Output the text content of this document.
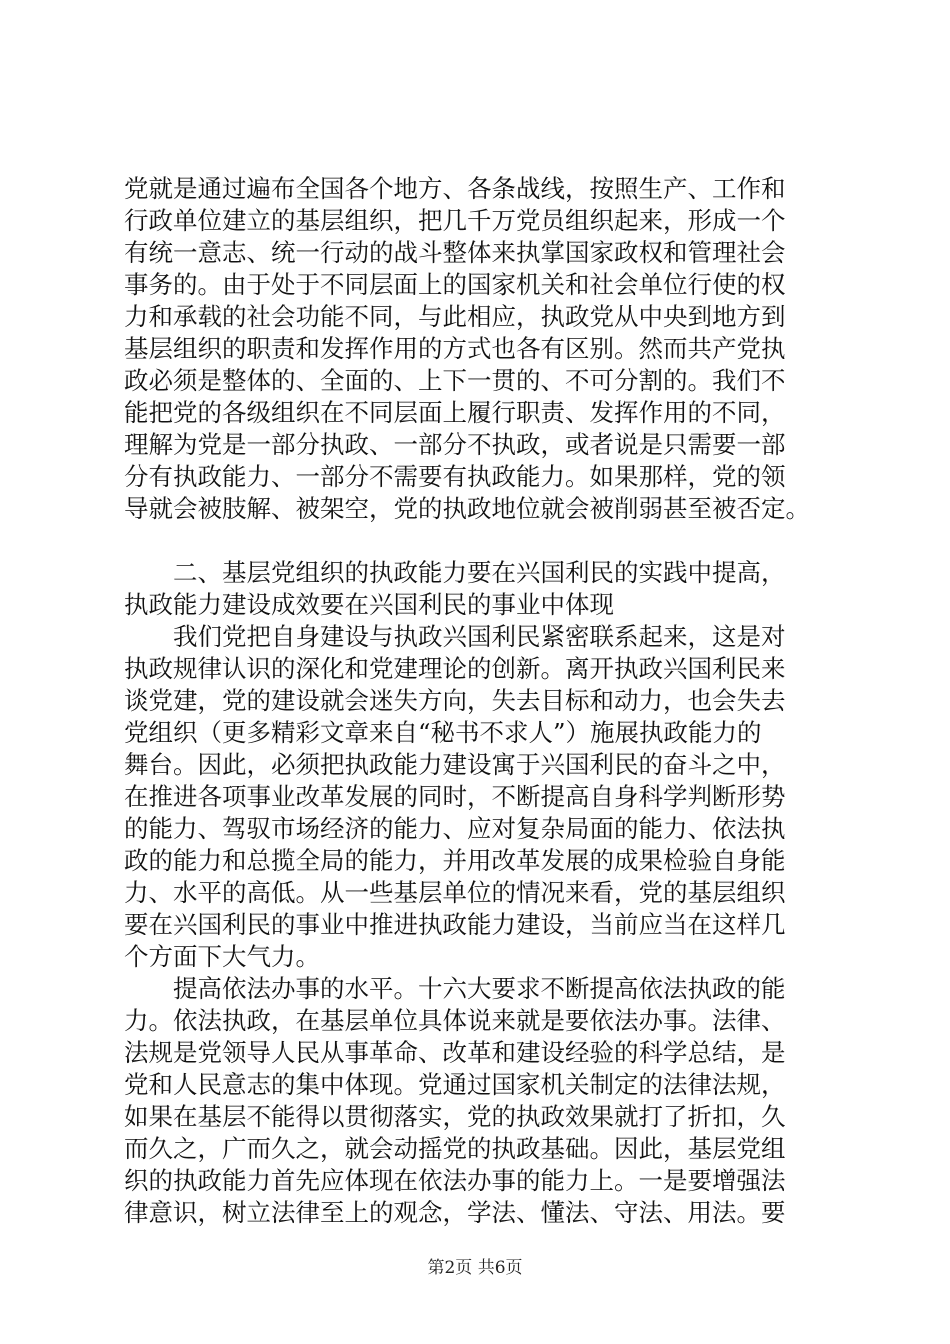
党就是通过遍布全国各个地方、各条战线，按照生产、工作和
行政单位建立的基层组织，把几千万党员组织起来，形成一个
有统一意志、统一行动的战斗整体来执掌国家政权和管理社会
事务的。由于处于不同层面上的国家机关和社会单位行使的权
力和承载的社会功能不同，与此相应，执政党从中央到地方到
基层组织的职责和发挥作用的方式也各有区别。然而共产党执
政必须是整体的、全面的、上下一贯的、不可分割的。我们不
能把党的各级组织在不同层面上履行职责、发挥作用的不同，
理解为党是一部分执政、一部分不执政，或者说是只需要一部
分有执政能力、一部分不需要有执政能力。如果那样，党的领
导就会被肢解、被架空，党的执政地位就会被削弱甚至被否定。
　　二、基层党组织的执政能力要在兴国利民的实践中提高，
执政能力建设成效要在兴国利民的事业中体现
　　我们党把自身建设与执政兴国利民紧密联系起来，这是对
执政规律认识的深化和党建理论的创新。离开执政兴国利民来
谈党建，党的建设就会迷失方向，失去目标和动力，也会失去
党组织（更多精彩文章来自“秘书不求人”）施展执政能力的
舞台。因此，必须把执政能力建设寓于兴国利民的奋斗之中，
在推进各项事业改革发展的同时，不断提高自身科学判断形势
的能力、驾驭市场经济的能力、应对复杂局面的能力、依法执
政的能力和总揽全局的能力，并用改革发展的成果检验自身能
力、水平的高低。从一些基层单位的情况来看，党的基层组织
要在兴国利民的事业中推进执政能力建设，当前应当在这样几
个方面下大气力。
　　提高依法办事的水平。十六大要求不断提高依法执政的能
力。依法执政，在基层单位具体说来就是要依法办事。法律、
法规是党领导人民从事革命、改革和建设经验的科学总结，是
党和人民意志的集中体现。党通过国家机关制定的法律法规，
如果在基层不能得以贯彻落实，党的执政效果就打了折扣，久
而久之，广而久之，就会动摇党的执政基础。因此，基层党组
织的执政能力首先应体现在依法办事的能力上。一是要增强法
律意识，树立法律至上的观念，学法、懂法、守法、用法。要
第2页 共6页
